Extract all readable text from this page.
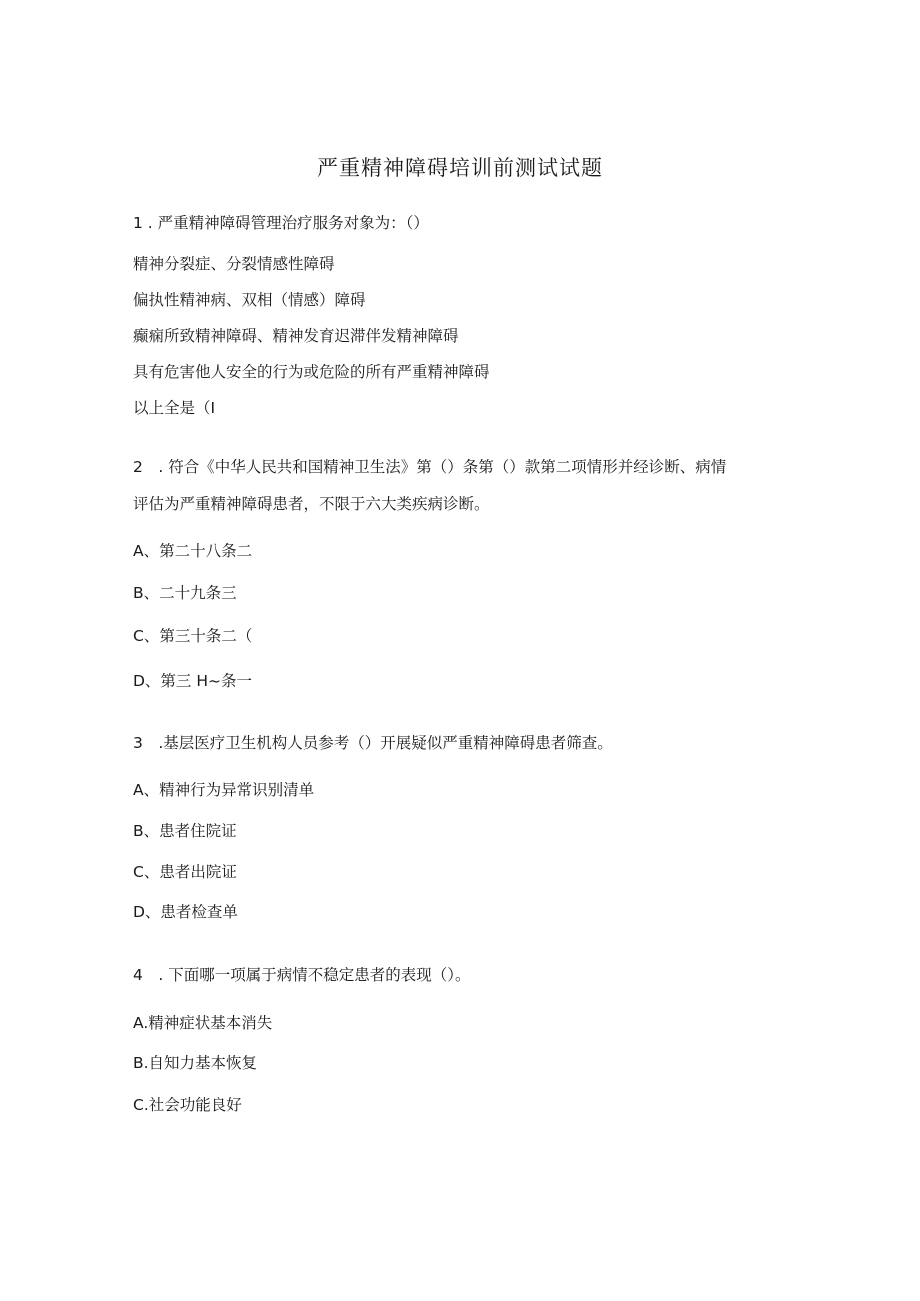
严重精神障碍培训前测试试题
1 . 严重精神障碍管理治疗服务对象为：（）
精神分裂症、分裂情感性障碍
偏执性精神病、双相（情感）障碍
癫痫所致精神障碍、精神发育迟滞伴发精神障碍
具有危害他人安全的行为或危险的所有严重精神障碍
以上全是（I
2　. 符合《中华人民共和国精神卫生法》第（）条第（）款第二项情形并经诊断、病情
评估为严重精神障碍患者，不限于六大类疾病诊断。
A、第二十八条二
B、二十九条三
C、第三十条二（
D、第三 H~条一
3　.基层医疗卫生机构人员参考（）开展疑似严重精神障碍患者筛查。
A、精神行为异常识别清单
B、患者住院证
C、患者出院证
D、患者检查单
4　. 下面哪一项属于病情不稳定患者的表现（）。
A.精神症状基本消失
B.自知力基本恢复
C.社会功能良好
